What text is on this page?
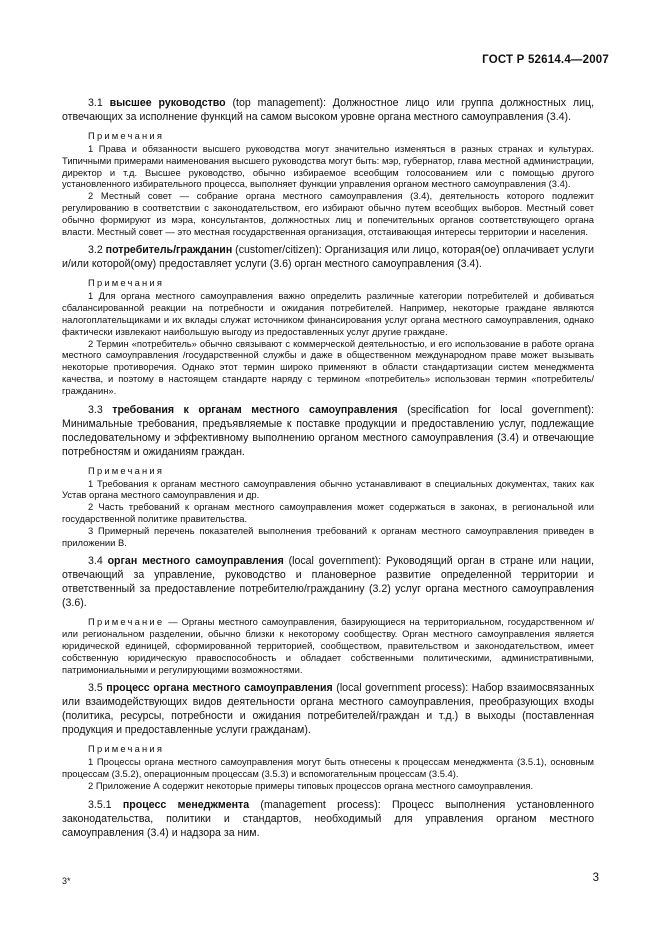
ГОСТ Р 52614.4—2007

3.1 высшее руководство (top management): Должностное лицо или группа должностных лиц, отвечающих за исполнение функций на самом высоком уровне органа местного самоуправления (3.4).

Примечания

1 Права и обязанности высшего руководства могут значительно изменяться в разных странах и культурах. Типичными примерами наименования высшего руководства могут быть: мэр, губернатор, глава местной администрации, директор и т.д. Высшее руководство, обычно избираемое всеобщим голосованием или с помощью другого установленного избирательного процесса, выполняет функции управления органом местного самоуправления (3.4).

2 Местный совет — собрание органа местного самоуправления (3.4), деятельность которого подлежит регулированию в соответствии с законодательством, его избирают обычно путем всеобщих выборов. Местный совет обычно формируют из мэра, консультантов, должностных лиц и попечительных органов соответствующего органа власти. Местный совет — это местная государственная организация, отстаивающая интересы территории и населения.

3.2 потребитель/гражданин (customer/citizen): Организация или лицо, которая(ое) оплачивает услуги и/или которой(ому) предоставляет услуги (3.6) орган местного самоуправления (3.4).

Примечания

1 Для органа местного самоуправления важно определить различные категории потребителей и добиваться сбалансированной реакции на потребности и ожидания потребителей. Например, некоторые граждане являются налогоплательщиками и их вклады служат источником финансирования услуг органа местного самоуправления, однако фактически извлекают наибольшую выгоду из предоставленных услуг другие граждане.

2 Термин «потребитель» обычно связывают с коммерческой деятельностью, и его использование в работе органа местного самоуправления /государственной службы и даже в общественном международном праве может вызывать некоторые противоречия. Однако этот термин широко применяют в области стандартизации систем менеджмента качества, и поэтому в настоящем стандарте наряду с термином «потребитель» использован термин «потребитель/гражданин».

3.3 требования к органам местного самоуправления (specification for local government): Минимальные требования, предъявляемые к поставке продукции и предоставлению услуг, подлежащие последовательному и эффективному выполнению органом местного самоуправления (3.4) и отвечающие потребностям и ожиданиям граждан.

Примечания

1 Требования к органам местного самоуправления обычно устанавливают в специальных документах, таких как Устав органа местного самоуправления и др.

2 Часть требований к органам местного самоуправления может содержаться в законах, в региональной или государственной политике правительства.

3 Примерный перечень показателей выполнения требований к органам местного самоуправления приведен в приложении В.

3.4 орган местного самоуправления (local government): Руководящий орган в стране или нации, отвечающий за управление, руководство и плановерное развитие определенной территории и ответственный за предоставление потребителю/гражданину (3.2) услуг органа местного самоуправления (3.6).

Примечание — Органы местного самоуправления, базирующиеся на территориальном, государственном и/или региональном разделении, обычно близки к некоторому сообществу. Орган местного самоуправления является юридической единицей, сформированной территорией, сообществом, правительством и законодательством, имеет собственную юридическую правоспособность и обладает собственными политическими, административными, патримониальными и регулирующими возможностями.

3.5 процесс органа местного самоуправления (local government process): Набор взаимосвязанных или взаимодействующих видов деятельности органа местного самоуправления, преобразующих входы (политика, ресурсы, потребности и ожидания потребителей/граждан и т.д.) в выходы (поставленная продукция и предоставленные услуги гражданам).

Примечания

1 Процессы органа местного самоуправления могут быть отнесены к процессам менеджмента (3.5.1), основным процессам (3.5.2), операционным процессам (3.5.3) и вспомогательным процессам (3.5.4).

2 Приложение А содержит некоторые примеры типовых процессов органа местного самоуправления.

3.5.1 процесс менеджмента (management process): Процесс выполнения установленного законодательства, политики и стандартов, необходимый для управления органом местного самоуправления (3.4) и надзора за ним.

3*	3
